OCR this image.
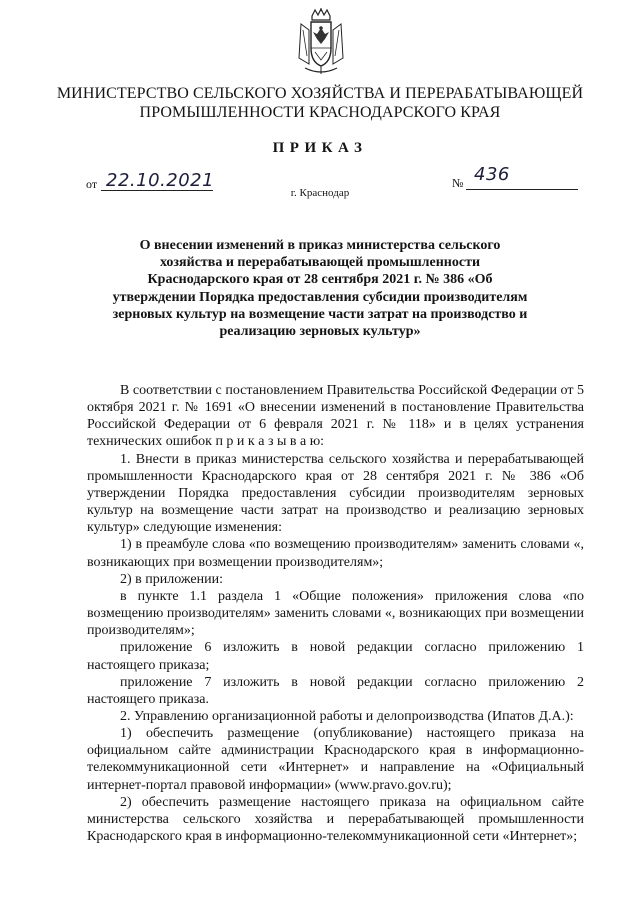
МИНИСТЕРСТВО СЕЛЬСКОГО ХОЗЯЙСТВА И ПЕРЕРАБАТЫВАЮЩЕЙ ПРОМЫШЛЕННОСТИ КРАСНОДАРСКОГО КРАЯ
ПРИКАЗ
от 22.10.2021	№ 436
г. Краснодар
О внесении изменений в приказ министерства сельского хозяйства и перерабатывающей промышленности Краснодарского края от 28 сентября 2021 г. № 386 «Об утверждении Порядка предоставления субсидии производителям зерновых культур на возмещение части затрат на производство и реализацию зерновых культур»

В соответствии с постановлением Правительства Российской Федерации от 5 октября 2021 г. № 1691 «О внесении изменений в постановление Правительства Российской Федерации от 6 февраля 2021 г. № 118» и в целях устранения технических ошибок п р и к а з ы в а ю:

1. Внести в приказ министерства сельского хозяйства и перерабатывающей промышленности Краснодарского края от 28 сентября 2021 г. № 386 «Об утверждении Порядка предоставления субсидии производителям зерновых культур на возмещение части затрат на производство и реализацию зерновых культур» следующие изменения:

1) в преамбуле слова «по возмещению производителям» заменить словами «, возникающих при возмещении производителям»;

2) в приложении:

в пункте 1.1 раздела 1 «Общие положения» приложения слова «по возмещению производителям» заменить словами «, возникающих при возмещении производителям»;

приложение 6 изложить в новой редакции согласно приложению 1 настоящего приказа;

приложение 7 изложить в новой редакции согласно приложению 2 настоящего приказа.

2. Управлению организационной работы и делопроизводства (Ипатов Д.А.):

1) обеспечить размещение (опубликование) настоящего приказа на официальном сайте администрации Краснодарского края в информационно-телекоммуникационной сети «Интернет» и направление на «Официальный интернет-портал правовой информации» (www.pravo.gov.ru);

2) обеспечить размещение настоящего приказа на официальном сайте министерства сельского хозяйства и перерабатывающей промышленности Краснодарского края в информационно-телекоммуникационной сети «Интернет»;
